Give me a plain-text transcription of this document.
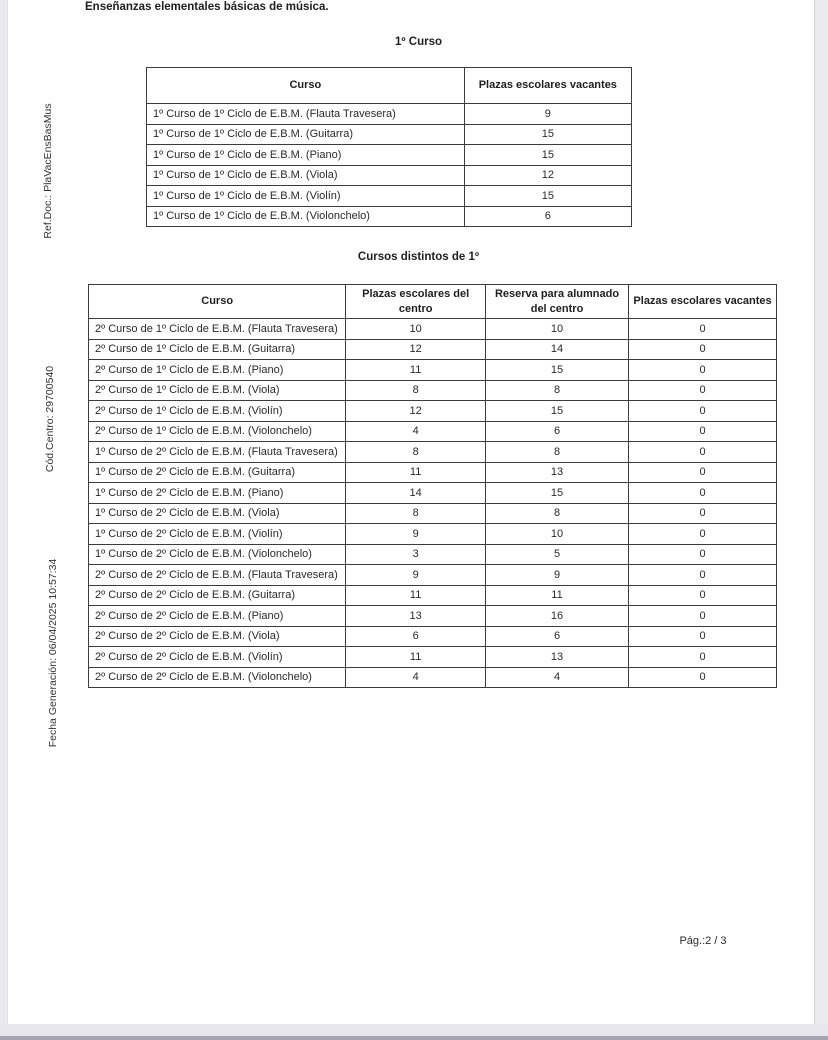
Enseñanzas elementales básicas de música.
Ref.Doc.: PlaVacEnsBasMus
Cód.Centro: 29700540
Fecha Generación: 06/04/2025 10:57:34
1º Curso
Curso	Plazas escolares vacantes
1º Curso de 1º Ciclo de E.B.M. (Flauta Travesera)	9
1º Curso de 1º Ciclo de E.B.M. (Guitarra)	15
1º Curso de 1º Ciclo de E.B.M. (Piano)	15
1º Curso de 1º Ciclo de E.B.M. (Viola)	12
1º Curso de 1º Ciclo de E.B.M. (Violín)	15
1º Curso de 1º Ciclo de E.B.M. (Violonchelo)	6
Cursos distintos de 1º
Curso	Plazas escolares del centro	Reserva para alumnado del centro	Plazas escolares vacantes
2º Curso de 1º Ciclo de E.B.M. (Flauta Travesera)	10	10	0
2º Curso de 1º Ciclo de E.B.M. (Guitarra)	12	14	0
2º Curso de 1º Ciclo de E.B.M. (Piano)	11	15	0
2º Curso de 1º Ciclo de E.B.M. (Viola)	8	8	0
2º Curso de 1º Ciclo de E.B.M. (Violín)	12	15	0
2º Curso de 1º Ciclo de E.B.M. (Violonchelo)	4	6	0
1º Curso de 2º Ciclo de E.B.M. (Flauta Travesera)	8	8	0
1º Curso de 2º Ciclo de E.B.M. (Guitarra)	11	13	0
1º Curso de 2º Ciclo de E.B.M. (Piano)	14	15	0
1º Curso de 2º Ciclo de E.B.M. (Viola)	8	8	0
1º Curso de 2º Ciclo de E.B.M. (Violín)	9	10	0
1º Curso de 2º Ciclo de E.B.M. (Violonchelo)	3	5	0
2º Curso de 2º Ciclo de E.B.M. (Flauta Travesera)	9	9	0
2º Curso de 2º Ciclo de E.B.M. (Guitarra)	11	11	0
2º Curso de 2º Ciclo de E.B.M. (Piano)	13	16	0
2º Curso de 2º Ciclo de E.B.M. (Viola)	6	6	0
2º Curso de 2º Ciclo de E.B.M. (Violín)	11	13	0
2º Curso de 2º Ciclo de E.B.M. (Violonchelo)	4	4	0
Pág.:2 / 3
